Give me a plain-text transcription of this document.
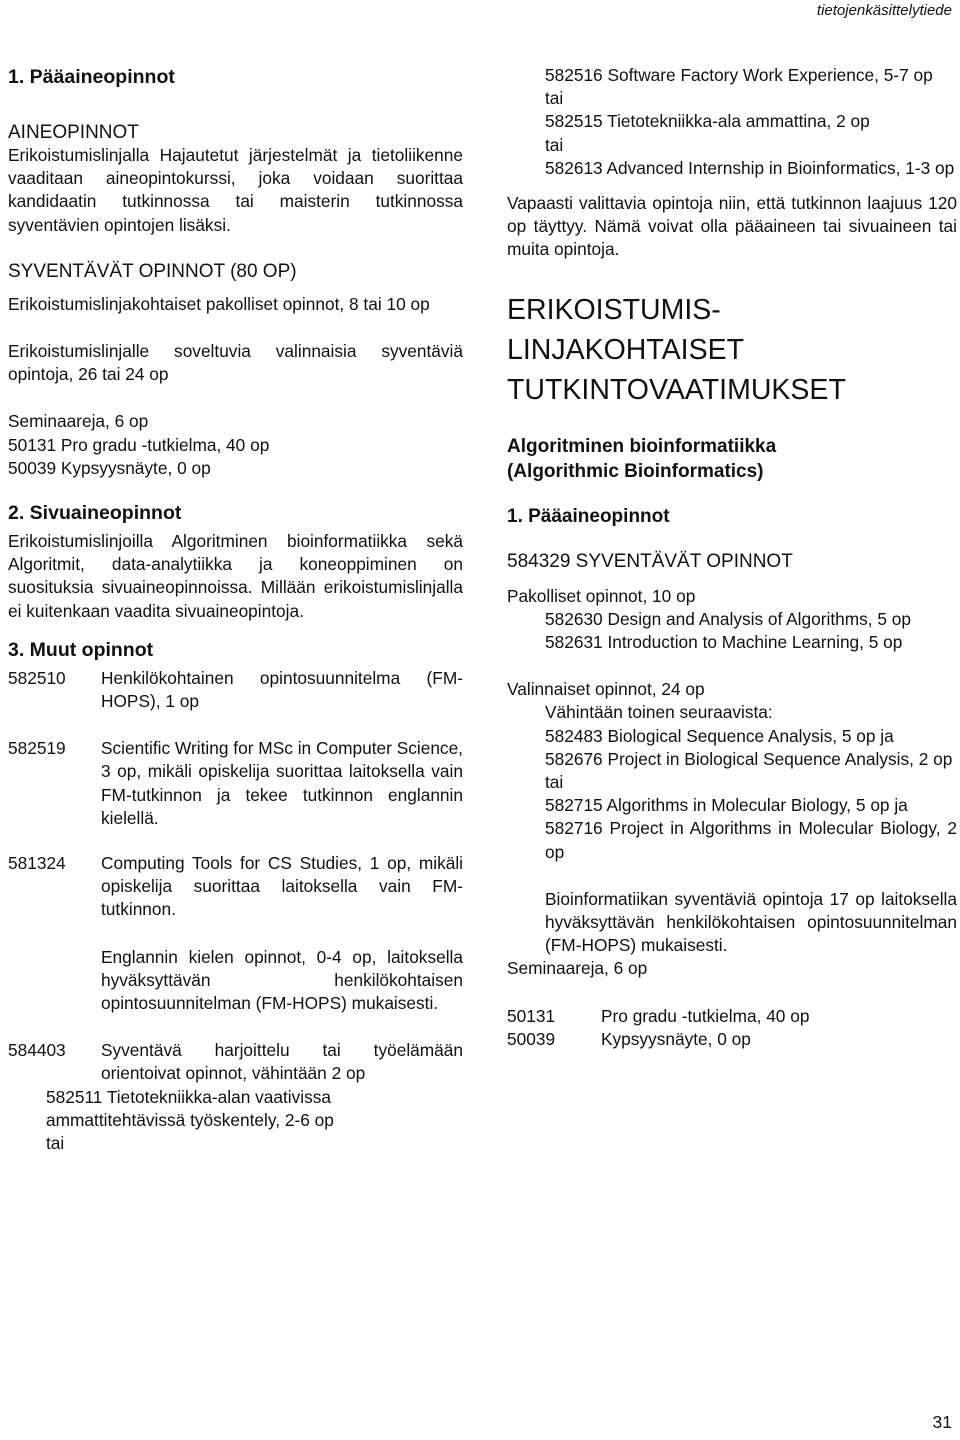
tietojenkäsittelytiede

1. Pääaineopinnot

AINEOPINNOT

Erikoistumislinjalla Hajautetut järjestelmät ja tietoliikenne vaaditaan aineopintokurssi, joka voidaan suorittaa kandidaatin tutkinnossa tai maisterin tutkinnossa syventävien opintojen lisäksi.

SYVENTÄVÄT OPINNOT (80 OP)

Erikoistumislinjakohtaiset pakolliset opinnot, 8 tai 10 op

Erikoistumislinjalle soveltuvia valinnaisia syventäviä opintoja, 26 tai 24 op

Seminaareja, 6 op

50131 Pro gradu -tutkielma, 40 op

50039 Kypsyysnäyte, 0 op

2. Sivuaineopinnot

Erikoistumislinjoilla Algoritminen bioinformatiikka sekä Algoritmit, data-analytiikka ja koneoppiminen on suosituksia sivuaineopinnoissa. Millään erikoistumislinjalla ei kuitenkaan vaadita sivuaineopintoja.

3. Muut opinnot

582510	Henkilökohtainen opintosuunnitelma (FM-HOPS), 1 op
582519	Scientific Writing for MSc in Computer Science, 3 op, mikäli opiskelija suorittaa laitoksella vain FM-tutkinnon ja tekee tutkinnon englannin kielellä.
581324	Computing Tools for CS Studies, 1 op, mikäli opiskelija suorittaa laitoksella vain FM-tutkinnon.
Englannin kielen opinnot, 0-4 op, laitoksella hyväksyttävän henkilökohtaisen opintosuunnitelman (FM-HOPS) mukaisesti.
584403	Syventävä harjoittelu tai työelämään orientoivat opinnot, vähintään 2 op

582511 Tietotekniikka-alan vaativissa ammattitehtävissä työskentely, 2-6 op

tai

582516 Software Factory Work Experience, 5-7 op

tai

582515 Tietotekniikka-ala ammattina, 2 op

tai

582613 Advanced Internship in Bioinformatics, 1-3 op

Vapaasti valittavia opintoja niin, että tutkinnon laajuus 120 op täyttyy. Nämä voivat olla pääaineen tai sivuaineen tai muita opintoja.

ERIKOISTUMIS-

LINJAKOHTAISET

TUTKINTOVAATIMUKSET

Algoritminen bioinformatiikka

(Algorithmic Bioinformatics)

1. Pääaineopinnot

584329 SYVENTÄVÄT OPINNOT

Pakolliset opinnot, 10 op

582630 Design and Analysis of Algorithms, 5 op

582631 Introduction to Machine Learning, 5 op

Valinnaiset opinnot, 24 op

Vähintään toinen seuraavista:

582483 Biological Sequence Analysis, 5 op ja

582676 Project in Biological Sequence Analysis, 2 op

tai

582715 Algorithms in Molecular Biology, 5 op ja

582716 Project in Algorithms in Molecular Biology, 2 op

Bioinformatiikan syventäviä opintoja 17 op laitoksella hyväksyttävän henkilökohtaisen opintosuunnitelman (FM-HOPS) mukaisesti.

Seminaareja, 6 op

50131	Pro gradu -tutkielma, 40 op
50039	Kypsyysnäyte, 0 op
31
